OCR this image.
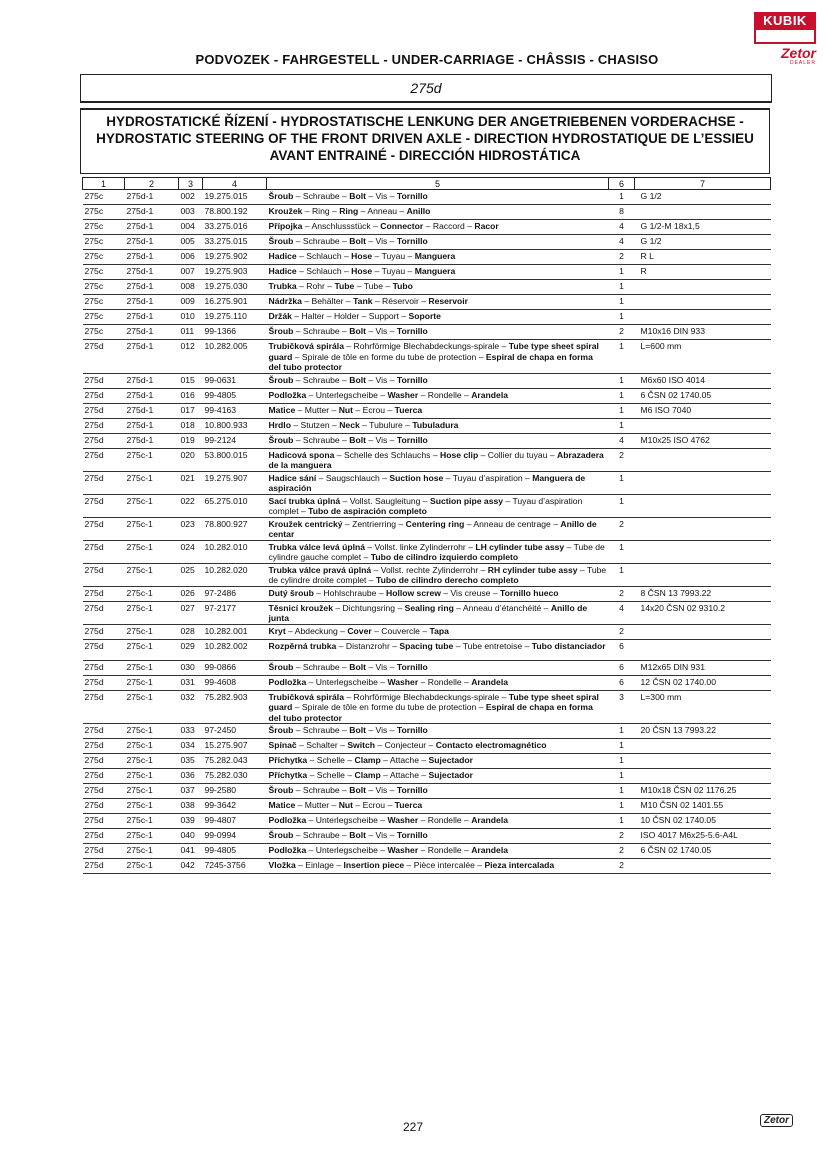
KUBIK
Zetor
DEALER
PODVOZEK - FAHRGESTELL - UNDER-CARRIAGE - CHÂSSIS - CHASISO
275d
HYDROSTATICKÉ ŘÍZENÍ - HYDROSTATISCHE LENKUNG DER ANGETRIEBENEN VORDERACHSE -
HYDROSTATIC STEERING OF THE FRONT DRIVEN AXLE - DIRECTION HYDROSTATIQUE DE L’ESSIEU
AVANT ENTRAINÉ - DIRECCIÓN HIDROSTÁTICA
1	2	3	4	5	6	7
275c	275d-1	002	19.275.015	Šroub – Schraube – Bolt – Vis – Tornillo	1	G 1/2
275c	275d-1	003	78.800.192	Kroužek – Ring – Ring – Anneau – Anillo	8	
275c	275d-1	004	33.275.016	Přípojka – Anschlussstück – Connector – Raccord – Racor	4	G 1/2-M 18x1,5
275c	275d-1	005	33.275.015	Šroub – Schraube – Bolt – Vis – Tornillo	4	G 1/2
275c	275d-1	006	19.275.902	Hadice – Schlauch – Hose – Tuyau – Manguera	2	R L
275c	275d-1	007	19.275.903	Hadice – Schlauch – Hose – Tuyau – Manguera	1	R
275c	275d-1	008	19.275.030	Trubka – Rohr – Tube – Tube – Tubo	1	
275c	275d-1	009	16.275.901	Nádržka – Behälter – Tank – Réservoir – Reservoir	1	
275c	275d-1	010	19.275.110	Držák – Halter – Holder – Support – Soporte	1	
275c	275d-1	011	99-1366	Šroub – Schraube – Bolt – Vis – Tornillo	2	M10x16 DIN 933
275d	275d-1	012	10.282.005	Trubičková spirála – Rohrförmige Blechabdeckungs-spirale – Tube type sheet spiral guard – Spirale de tôle en forme du tube de protection – Espiral de chapa en forma del tubo protector	1	L=600 mm
275d	275d-1	015	99-0631	Šroub – Schraube – Bolt – Vis – Tornillo	1	M6x60 ISO 4014
275d	275d-1	016	99-4805	Podložka – Unterlegscheibe – Washer – Rondelle – Arandela	1	6 ČSN 02 1740.05
275d	275d-1	017	99-4163	Matice – Mutter – Nut – Ecrou – Tuerca	1	M6 ISO 7040
275d	275d-1	018	10.800.933	Hrdlo – Stutzen – Neck – Tubulure – Tubuladura	1	
275d	275d-1	019	99-2124	Šroub – Schraube – Bolt – Vis – Tornillo	4	M10x25 ISO 4762
275d	275c-1	020	53.800.015	Hadicová spona – Schelle des Schlauchs – Hose clip – Collier du tuyau – Abrazadera de la manguera	2	
275d	275c-1	021	19.275.907	Hadice sání – Saugschlauch – Suction hose – Tuyau d’aspiration – Manguera de aspiración	1	
275d	275c-1	022	65.275.010	Sací trubka úplná – Vollst. Saugleitung – Suction pipe assy – Tuyau d’aspiration complet – Tubo de aspiración completo	1	
275d	275c-1	023	78.800.927	Kroužek centrický – Zentrierring – Centering ring – Anneau de centrage – Anillo de centar	2	
275d	275c-1	024	10.282.010	Trubka válce levá úplná – Vollst. linke Zylinderrohr – LH cylinder tube assy – Tube de cylindre gauche complet – Tubo de cilindro izquierdo completo	1	
275d	275c-1	025	10.282.020	Trubka válce pravá úplná – Vollst. rechte Zylinderrohr – RH cylinder tube assy – Tube de cylindre droite complet – Tubo de cilindro derecho completo	1	
275d	275c-1	026	97-2486	Dutý šroub – Hohlschraube – Hollow screw – Vis creuse – Tornillo hueco	2	8 ČSN 13 7993.22
275d	275c-1	027	97-2177	Těsnicí kroužek – Dichtungsring – Sealing ring – Anneau d’étanchéité – Anillo de junta	4	14x20 ČSN 02 9310.2
275d	275c-1	028	10.282.001	Kryt – Abdeckung – Cover – Couvercle – Tapa	2	
275d	275c-1	029	10.282.002	Rozpěrná trubka – Distanzrohr – Spacing tube – Tube entretoise – Tubo distanciador	6	
275d	275c-1	030	99-0866	Šroub – Schraube – Bolt – Vis – Tornillo	6	M12x65 DIN 931
275d	275c-1	031	99-4608	Podložka – Unterlegscheibe – Washer – Rondelle – Arandela	6	12 ČSN 02 1740.00
275d	275c-1	032	75.282.903	Trubičková spirála – Rohrförmige Blechabdeckungs-spirale – Tube type sheet spiral guard – Spirale de tôle en forme du tube de protection – Espiral de chapa en forma del tubo protector	3	L=300 mm
275d	275c-1	033	97-2450	Šroub – Schraube – Bolt – Vis – Tornillo	1	20 ČSN 13 7993.22
275d	275c-1	034	15.275.907	Spínač – Schalter – Switch – Conjecteur – Contacto electromagnético	1	
275d	275c-1	035	75.282.043	Příchytka – Schelle – Clamp – Attache – Sujectador	1	
275d	275c-1	036	75.282.030	Příchytka – Schelle – Clamp – Attache – Sujectador	1	
275d	275c-1	037	99-2580	Šroub – Schraube – Bolt – Vis – Tornillo	1	M10x18 ČSN 02 1176.25
275d	275c-1	038	99-3642	Matice – Mutter – Nut – Ecrou – Tuerca	1	M10 ČSN 02 1401.55
275d	275c-1	039	99-4807	Podložka – Unterlegscheibe – Washer – Rondelle – Arandela	1	10 ČSN 02 1740.05
275d	275c-1	040	99-0994	Šroub – Schraube – Bolt – Vis – Tornillo	2	ISO 4017 M6x25-5.6-A4L
275d	275c-1	041	99-4805	Podložka – Unterlegscheibe – Washer – Rondelle – Arandela	2	6 ČSN 02 1740.05
275d	275c-1	042	7245-3756	Vložka – Einlage – Insertion piece – Pièce intercalée – Pieza intercalada	2	
227	Zetor
